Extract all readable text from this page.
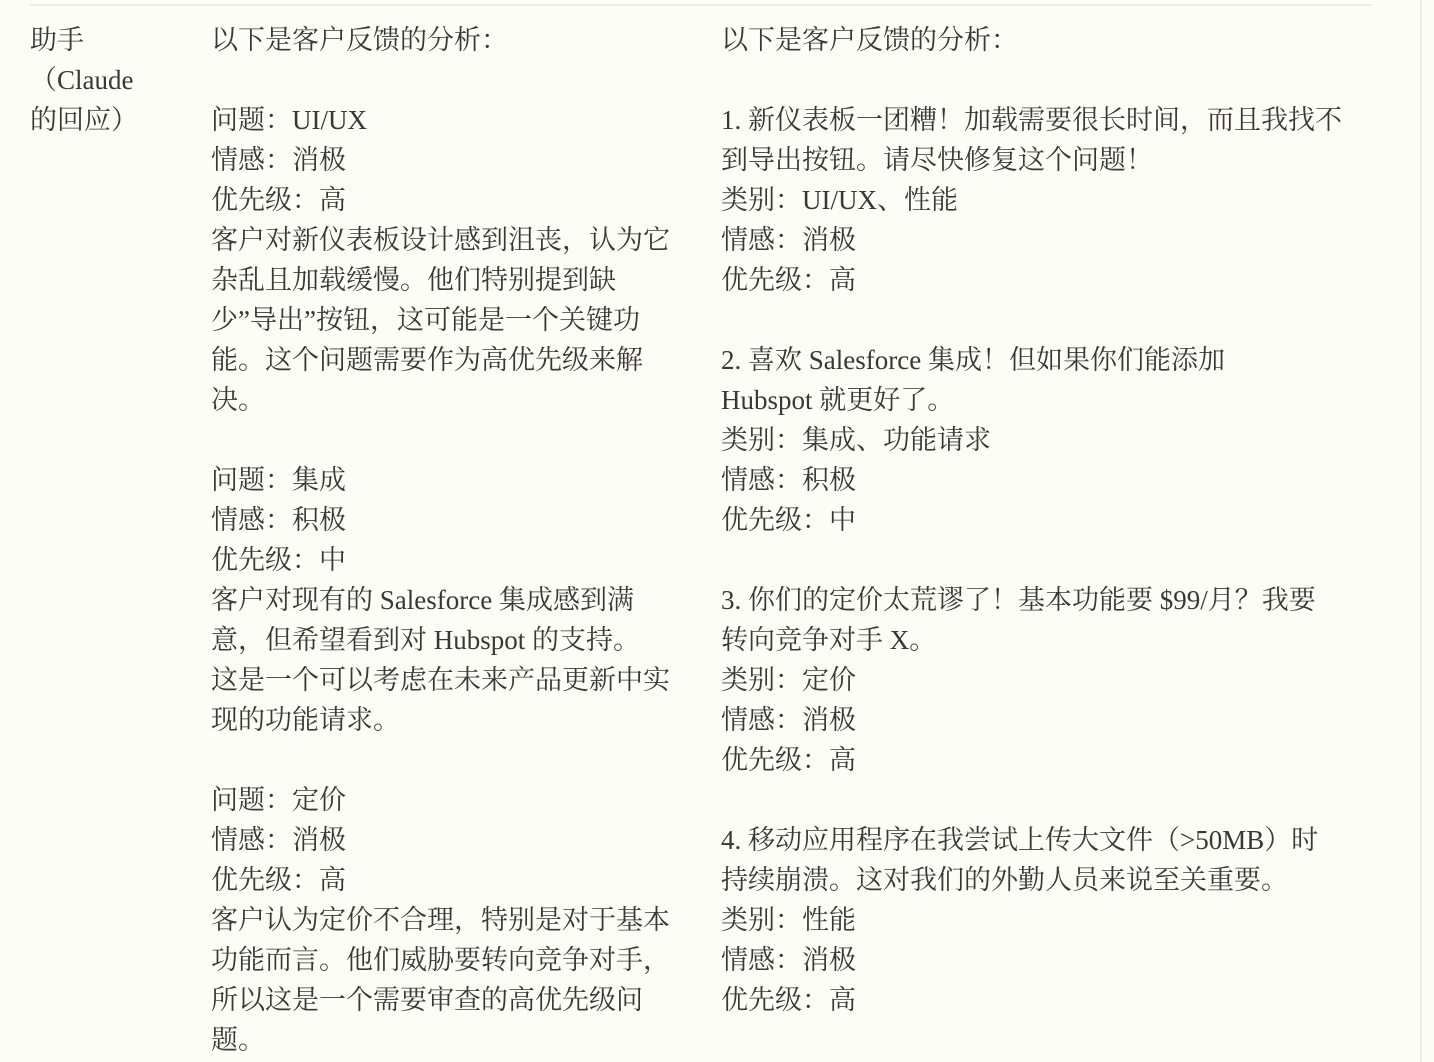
助手
（Claude
的回应）
以下是客户反馈的分析：
问题：UI/UX
情感：消极
优先级：高
客户对新仪表板设计感到沮丧，认为它
杂乱且加载缓慢。他们特别提到缺
少”导出”按钮，这可能是一个关键功
能。这个问题需要作为高优先级来解
决。
问题：集成
情感：积极
优先级：中
客户对现有的 Salesforce 集成感到满
意，但希望看到对 Hubspot 的支持。
这是一个可以考虑在未来产品更新中实
现的功能请求。
问题：定价
情感：消极
优先级：高
客户认为定价不合理，特别是对于基本
功能而言。他们威胁要转向竞争对手，
所以这是一个需要审查的高优先级问
题。
以下是客户反馈的分析：
1. 新仪表板一团糟！加载需要很长时间，而且我找不
到导出按钮。请尽快修复这个问题！
类别：UI/UX、性能
情感：消极
优先级：高
2. 喜欢 Salesforce 集成！但如果你们能添加
Hubspot 就更好了。
类别：集成、功能请求
情感：积极
优先级：中
3. 你们的定价太荒谬了！基本功能要 $99/月？我要
转向竞争对手 X。
类别：定价
情感：消极
优先级：高
4. 移动应用程序在我尝试上传大文件（>50MB）时
持续崩溃。这对我们的外勤人员来说至关重要。
类别：性能
情感：消极
优先级：高
